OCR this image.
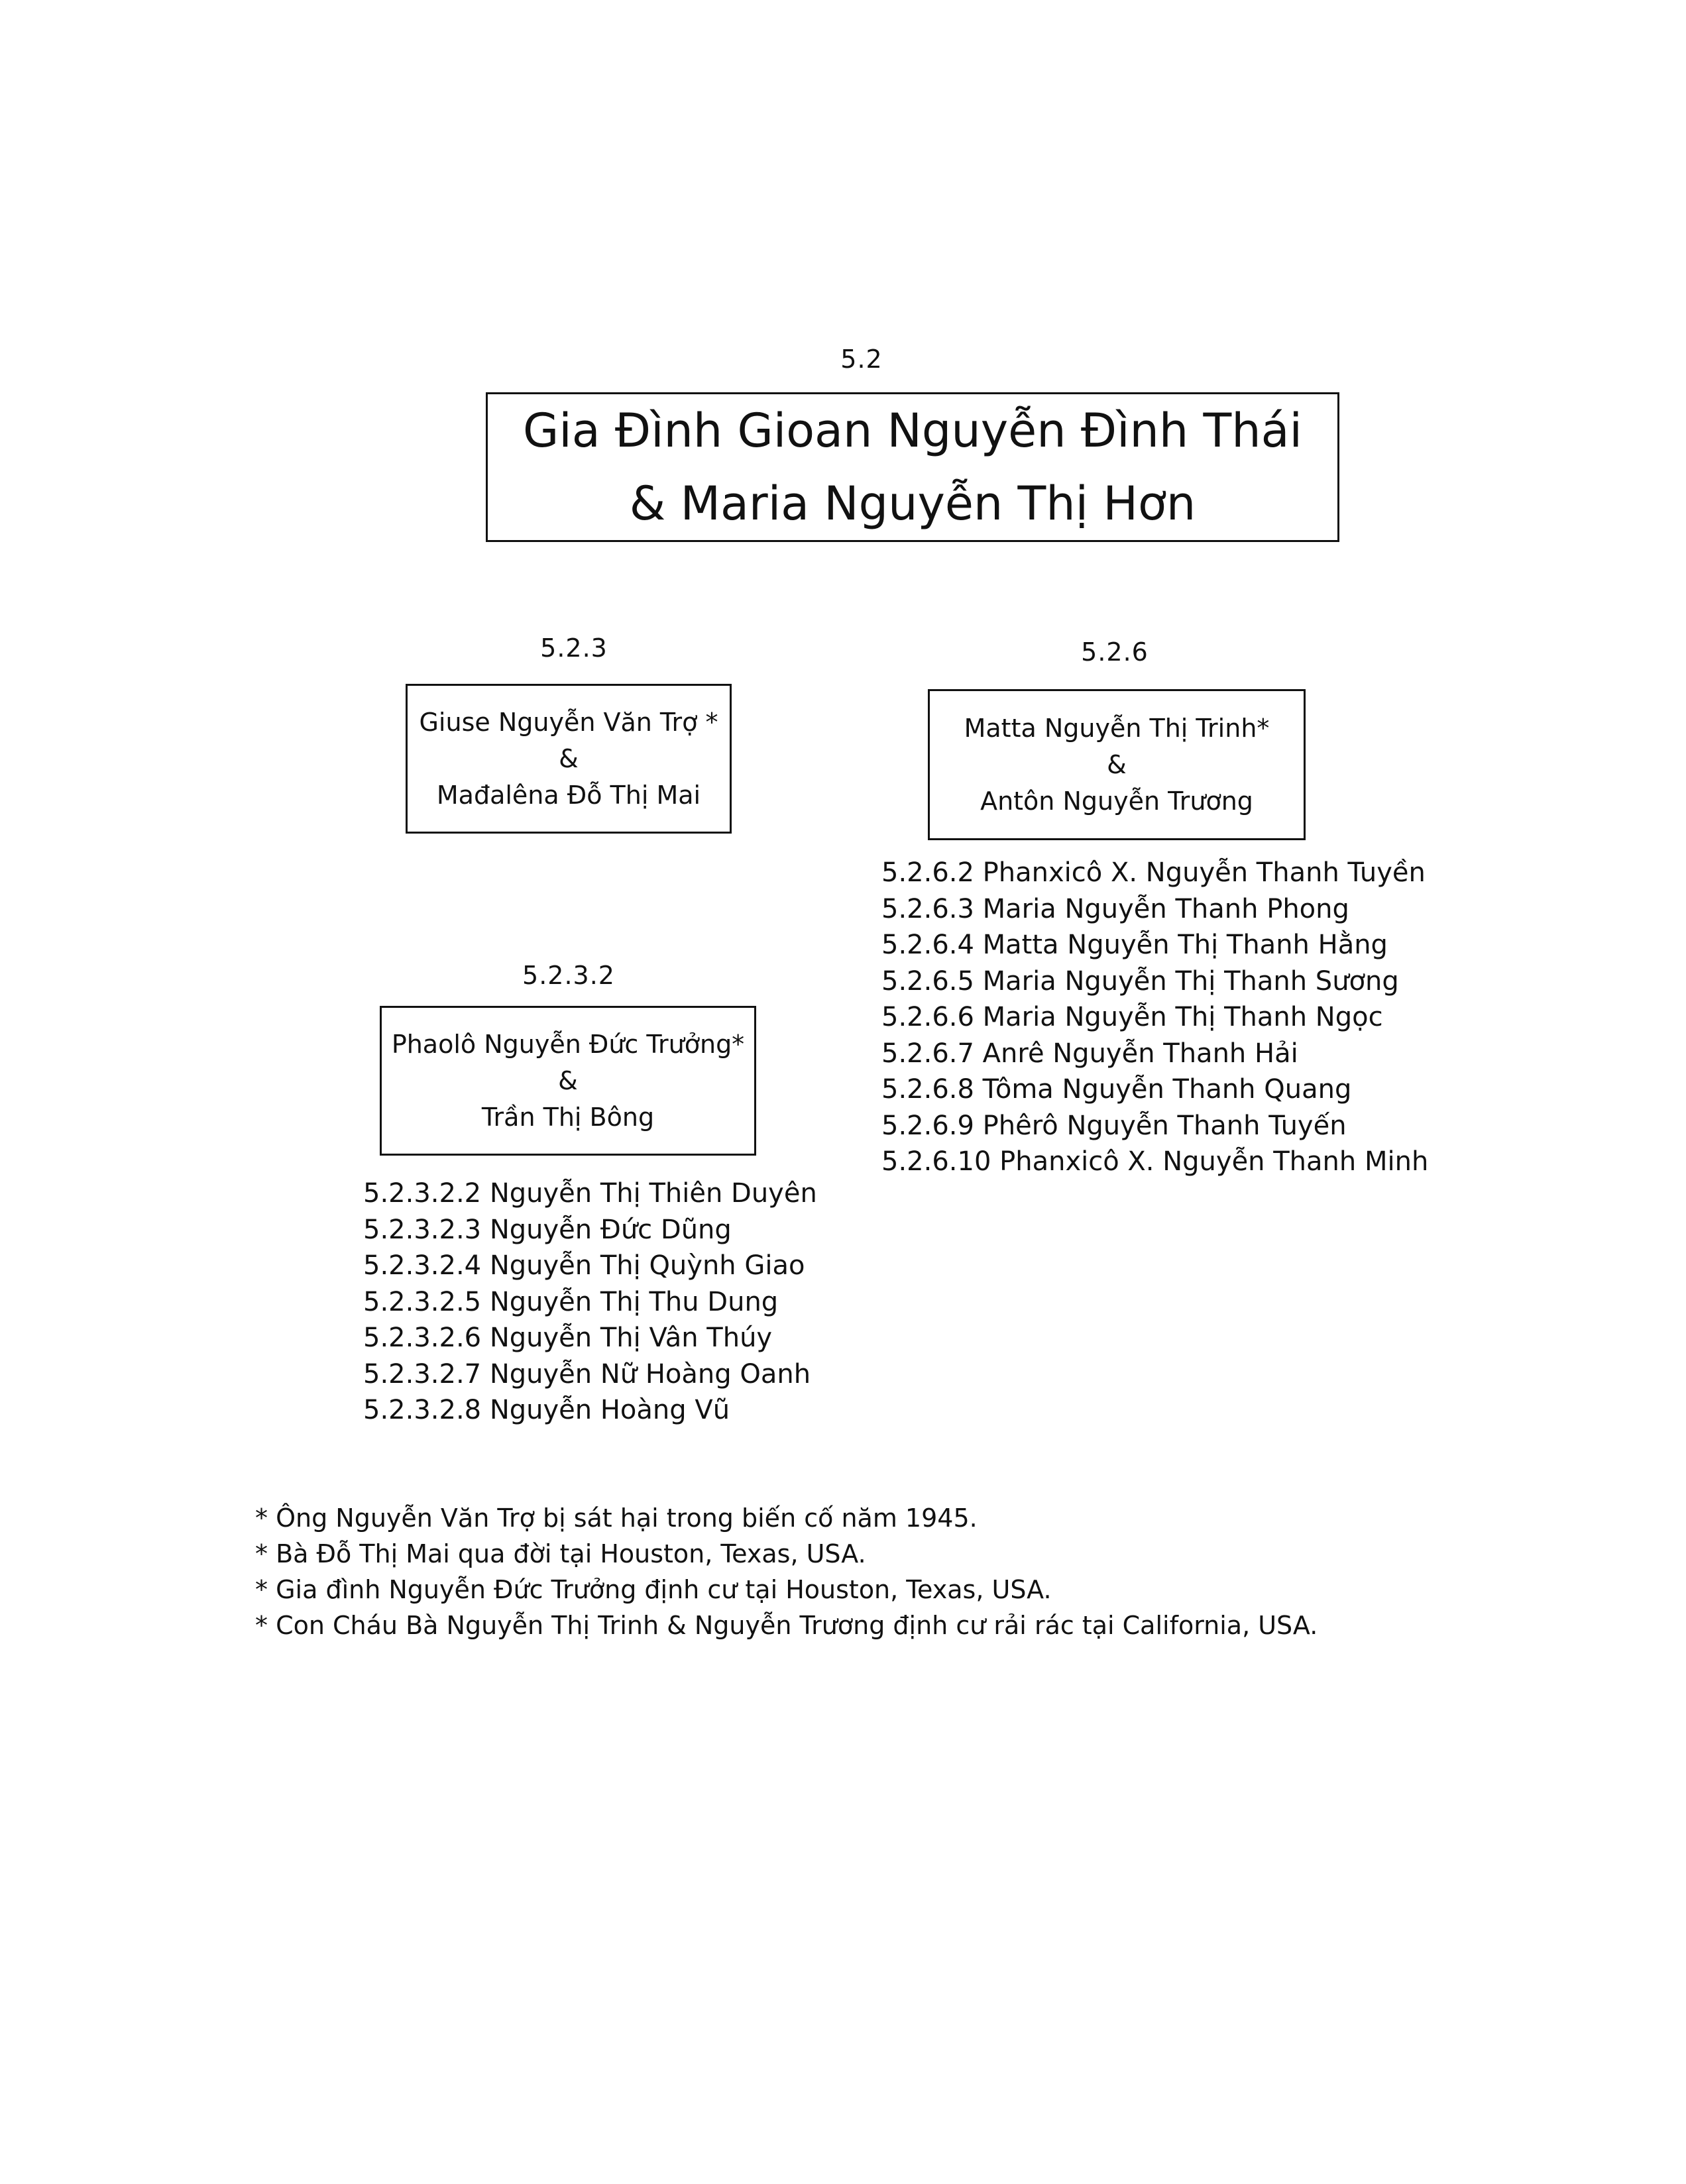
5.2
Gia Đình Gioan Nguyễn Đình Thái
& Maria Nguyễn Thị Hơn
5.2.3
Giuse Nguyễn Văn Trợ *
&
Mađalêna Đỗ Thị Mai
5.2.3.2
Phaolô Nguyễn Đức Trưởng*
&
Trần Thị Bông
5.2.3.2.2 Nguyễn Thị Thiên Duyên
5.2.3.2.3 Nguyễn Đức Dũng
5.2.3.2.4 Nguyễn Thị Quỳnh Giao
5.2.3.2.5 Nguyễn Thị Thu Dung
5.2.3.2.6 Nguyễn Thị Vân Thúy
5.2.3.2.7 Nguyễn Nữ Hoàng Oanh
5.2.3.2.8 Nguyễn Hoàng Vũ
5.2.6
Matta Nguyễn Thị Trinh*
&
Antôn Nguyễn Trương
5.2.6.2 Phanxicô X. Nguyễn Thanh Tuyền
5.2.6.3 Maria Nguyễn Thanh Phong
5.2.6.4 Matta Nguyễn Thị Thanh Hằng
5.2.6.5 Maria Nguyễn Thị Thanh Sương
5.2.6.6 Maria Nguyễn Thị Thanh Ngọc
5.2.6.7 Anrê Nguyễn Thanh Hải
5.2.6.8 Tôma Nguyễn Thanh Quang
5.2.6.9 Phêrô Nguyễn Thanh Tuyến
5.2.6.10 Phanxicô X. Nguyễn Thanh Minh
* Ông Nguyễn Văn Trợ bị sát hại trong biến cố năm 1945.
* Bà Đỗ Thị Mai qua đời tại Houston, Texas, USA.
* Gia đình Nguyễn Đức Trưởng định cư tại Houston, Texas, USA.
* Con Cháu Bà Nguyễn Thị Trinh & Nguyễn Trương định cư rải rác tại California, USA.
